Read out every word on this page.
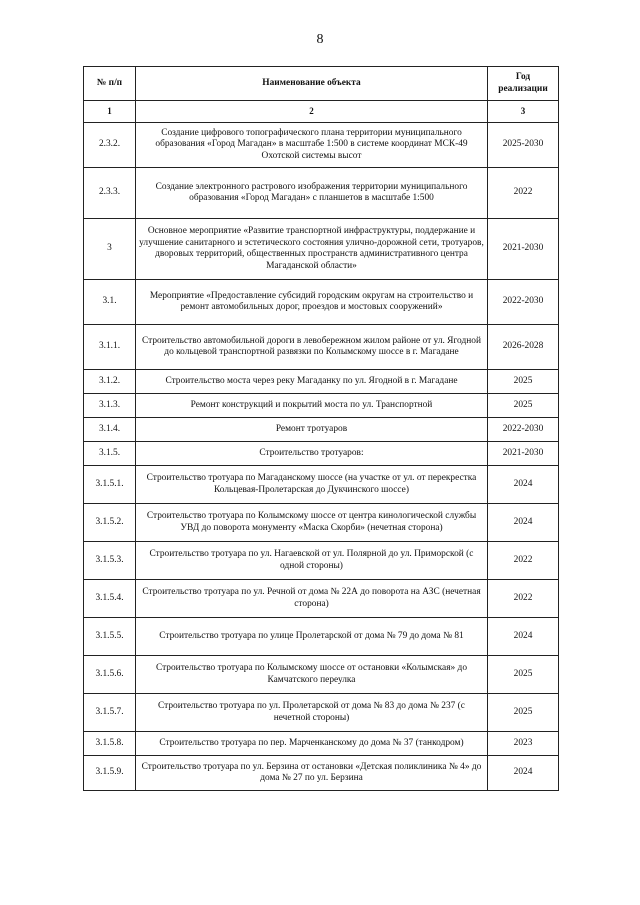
8
№ п/п	Наименование объекта	Год
реализации
1	2	3
2.3.2.	Создание цифрового топографического плана территории муниципального образования «Город Магадан» в масштабе 1:500 в системе координат МСК-49 Охотской системы высот	2025-2030
2.3.3.	Создание электронного растрового изображения территории муниципального образования «Город Магадан» с планшетов в масштабе 1:500	2022
3	Основное мероприятие «Развитие транспортной инфраструктуры, поддержание и улучшение санитарного и эстетического состояния улично-дорожной сети, тротуаров, дворовых территорий, общественных пространств административного центра Магаданской области»	2021-2030
3.1.	Мероприятие «Предоставление субсидий городским округам на строительство и ремонт автомобильных дорог, проездов и мостовых сооружений»	2022-2030
3.1.1.	Строительство автомобильной дороги в левобережном жилом районе от ул. Ягодной до кольцевой транспортной развязки по Колымскому шоссе в г. Магадане	2026-2028
3.1.2.	Строительство моста через реку Магаданку по ул. Ягодной в г. Магадане	2025
3.1.3.	Ремонт конструкций и покрытий моста по ул. Транспортной	2025
3.1.4.	Ремонт тротуаров	2022-2030
3.1.5.	Строительство тротуаров:	2021-2030
3.1.5.1.	Строительство тротуара по Магаданскому шоссе (на участке от ул. от перекрестка Кольцевая-Пролетарская до Дукчинского шоссе)	2024
3.1.5.2.	Строительство тротуара по Колымскому шоссе от центра кинологической службы УВД до поворота монументу «Маска Скорби» (нечетная сторона)	2024
3.1.5.3.	Строительство тротуара по ул. Нагаевской от ул. Полярной до ул. Приморской (с одной стороны)	2022
3.1.5.4.	Строительство тротуара по ул. Речной от дома № 22А до поворота на АЗС (нечетная сторона)	2022
3.1.5.5.	Строительство тротуара по улице Пролетарской от дома № 79 до дома № 81	2024
3.1.5.6.	Строительство тротуара по Колымскому шоссе от остановки «Колымская» до Камчатского переулка	2025
3.1.5.7.	Строительство тротуара по ул. Пролетарской от дома № 83 до дома № 237 (с нечетной стороны)	2025
3.1.5.8.	Строительство тротуара по пер. Марченканскому до дома № 37 (танкодром)	2023
3.1.5.9.	Строительство тротуара по ул. Берзина от остановки «Детская поликлиника № 4» до дома № 27 по ул. Берзина	2024
